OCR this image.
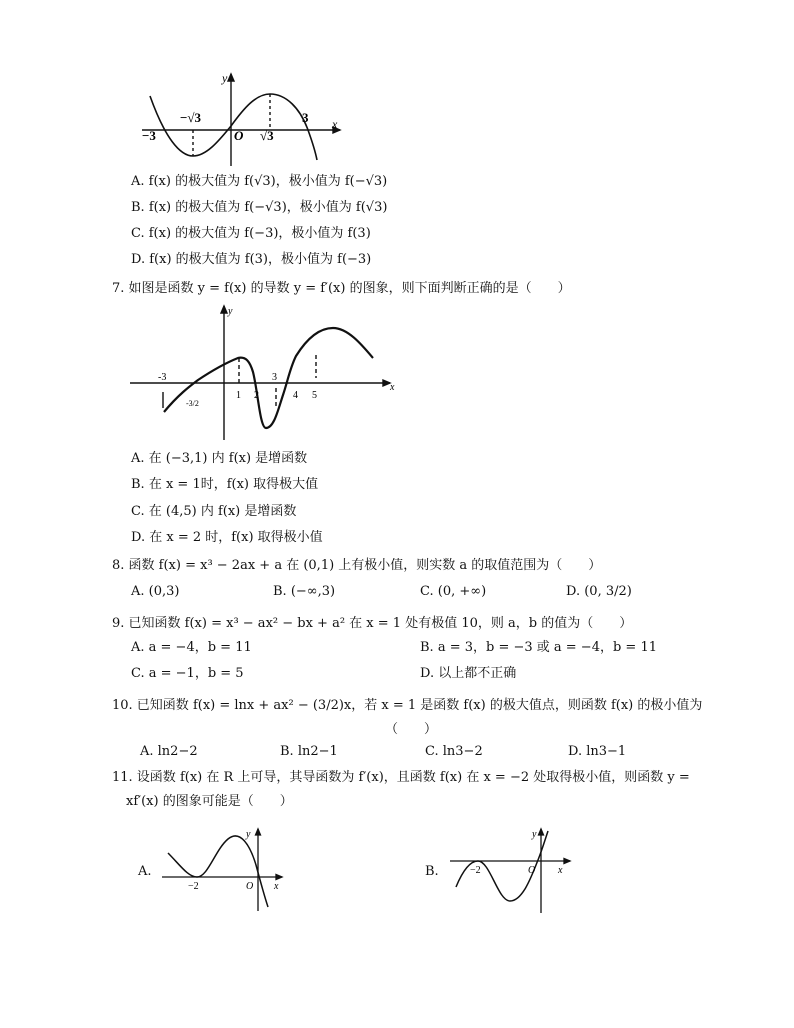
y
x
−3
−√3
O √3
3
A. f(x) 的极大值为 f(√3)，极小值为 f(−√3)
B. f(x) 的极大值为 f(−√3)，极小值为 f(√3)
C. f(x) 的极大值为 f(−3)，极小值为 f(3)
D. f(x) 的极大值为 f(3)，极小值为 f(−3)
7. 如图是函数 y = f(x) 的导数 y = f′(x) 的图象，则下面判断正确的是（　　）
y
x
-3
-3/2
1 2
3
4 5
A. 在 (−3,1) 内 f(x) 是增函数
B. 在 x = 1时，f(x) 取得极大值
C. 在 (4,5) 内 f(x) 是增函数
D. 在 x = 2 时，f(x) 取得极小值
8. 函数 f(x) = x³ − 2ax + a 在 (0,1) 上有极小值，则实数 a 的取值范围为（　　）
A. (0,3)	B. (−∞,3)	C. (0, +∞)	D. (0, 3/2)
9. 已知函数 f(x) = x³ − ax² − bx + a² 在 x = 1 处有极值 10，则 a，b 的值为（　　）
A. a = −4，b = 11	B. a = 3，b = −3 或 a = −4，b = 11
C. a = −1，b = 5	D. 以上都不正确
10. 已知函数 f(x) = lnx + ax² − (3/2)x，若 x = 1 是函数 f(x) 的极大值点，则函数 f(x) 的极小值为
（　　）
A. ln2−2	B. ln2−1	C. ln3−2	D. ln3−1
11. 设函数 f(x) 在 R 上可导，其导函数为 f′(x)，且函数 f(x) 在 x = −2 处取得极小值，则函数 y =
xf′(x) 的图象可能是（　　）
A.
−2	O x
y
B.	−2	O x
y
